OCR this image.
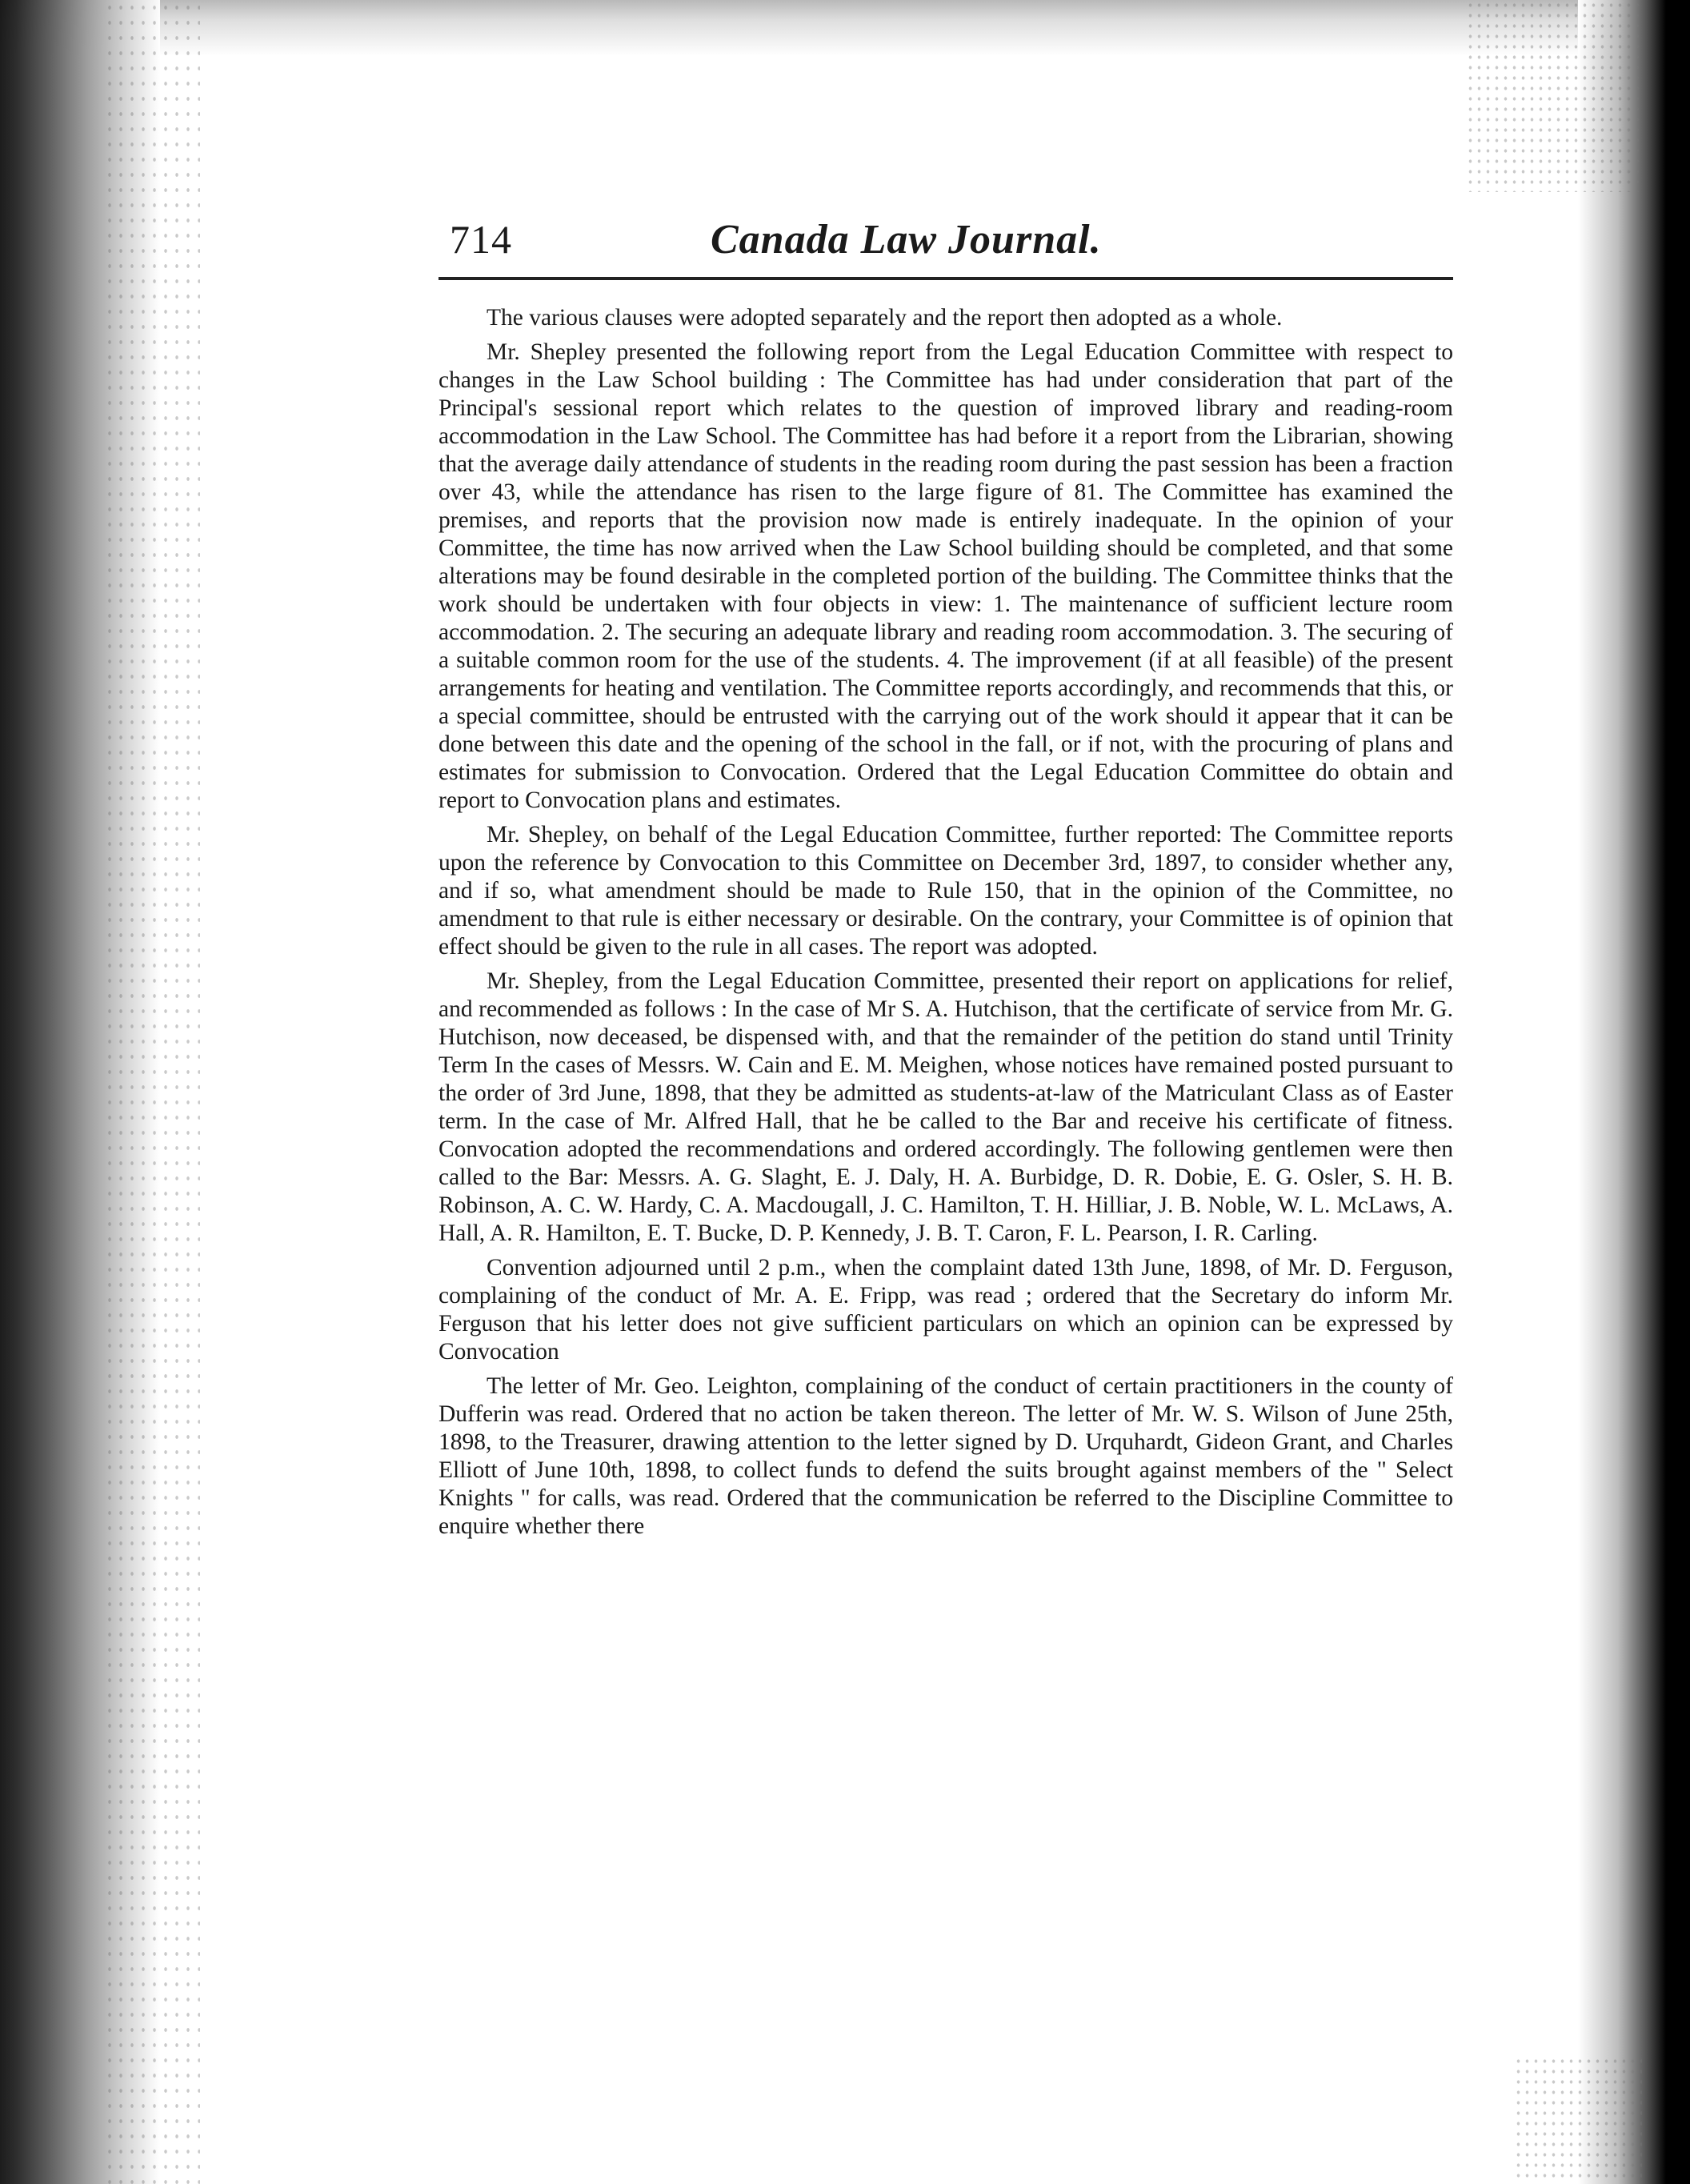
714	Canada Law Journal.

The various clauses were adopted separately and the report then adopted as a whole.

Mr. Shepley presented the following report from the Legal Education Committee with respect to changes in the Law School building : The Committee has had under consideration that part of the Principal's sessional report which relates to the question of improved library and reading-room accommodation in the Law School. The Committee has had before it a report from the Librarian, showing that the average daily attendance of students in the reading room during the past session has been a fraction over 43, while the attendance has risen to the large figure of 81. The Committee has examined the premises, and reports that the provision now made is entirely inadequate. In the opinion of your Committee, the time has now arrived when the Law School building should be completed, and that some alterations may be found desirable in the completed portion of the building. The Committee thinks that the work should be undertaken with four objects in view: 1. The maintenance of sufficient lecture room accommodation. 2. The securing an adequate library and reading room accommodation. 3. The securing of a suitable common room for the use of the students. 4. The improvement (if at all feasible) of the present arrangements for heating and ventilation. The Committee reports accordingly, and recommends that this, or a special committee, should be entrusted with the carrying out of the work should it appear that it can be done between this date and the opening of the school in the fall, or if not, with the procuring of plans and estimates for submission to Convocation. Ordered that the Legal Education Committee do obtain and report to Convocation plans and estimates.

Mr. Shepley, on behalf of the Legal Education Committee, further reported: The Committee reports upon the reference by Convocation to this Committee on December 3rd, 1897, to consider whether any, and if so, what amendment should be made to Rule 150, that in the opinion of the Committee, no amendment to that rule is either necessary or desirable. On the contrary, your Committee is of opinion that effect should be given to the rule in all cases. The report was adopted.

Mr. Shepley, from the Legal Education Committee, presented their report on applications for relief, and recommended as follows : In the case of Mr S. A. Hutchison, that the certificate of service from Mr. G. Hutchison, now deceased, be dispensed with, and that the remainder of the petition do stand until Trinity Term In the cases of Messrs. W. Cain and E. M. Meighen, whose notices have remained posted pursuant to the order of 3rd June, 1898, that they be admitted as students-at-law of the Matriculant Class as of Easter term. In the case of Mr. Alfred Hall, that he be called to the Bar and receive his certificate of fitness. Convocation adopted the recommendations and ordered accordingly. The following gentlemen were then called to the Bar: Messrs. A. G. Slaght, E. J. Daly, H. A. Burbidge, D. R. Dobie, E. G. Osler, S. H. B. Robinson, A. C. W. Hardy, C. A. Macdougall, J. C. Hamilton, T. H. Hilliar, J. B. Noble, W. L. McLaws, A. Hall, A. R. Hamilton, E. T. Bucke, D. P. Kennedy, J. B. T. Caron, F. L. Pearson, I. R. Carling.

Convention adjourned until 2 p.m., when the complaint dated 13th June, 1898, of Mr. D. Ferguson, complaining of the conduct of Mr. A. E. Fripp, was read ; ordered that the Secretary do inform Mr. Ferguson that his letter does not give sufficient particulars on which an opinion can be expressed by Convocation

The letter of Mr. Geo. Leighton, complaining of the conduct of certain practitioners in the county of Dufferin was read. Ordered that no action be taken thereon. The letter of Mr. W. S. Wilson of June 25th, 1898, to the Treasurer, drawing attention to the letter signed by D. Urquhardt, Gideon Grant, and Charles Elliott of June 10th, 1898, to collect funds to defend the suits brought against members of the " Select Knights " for calls, was read. Ordered that the communication be referred to the Discipline Committee to enquire whether there
